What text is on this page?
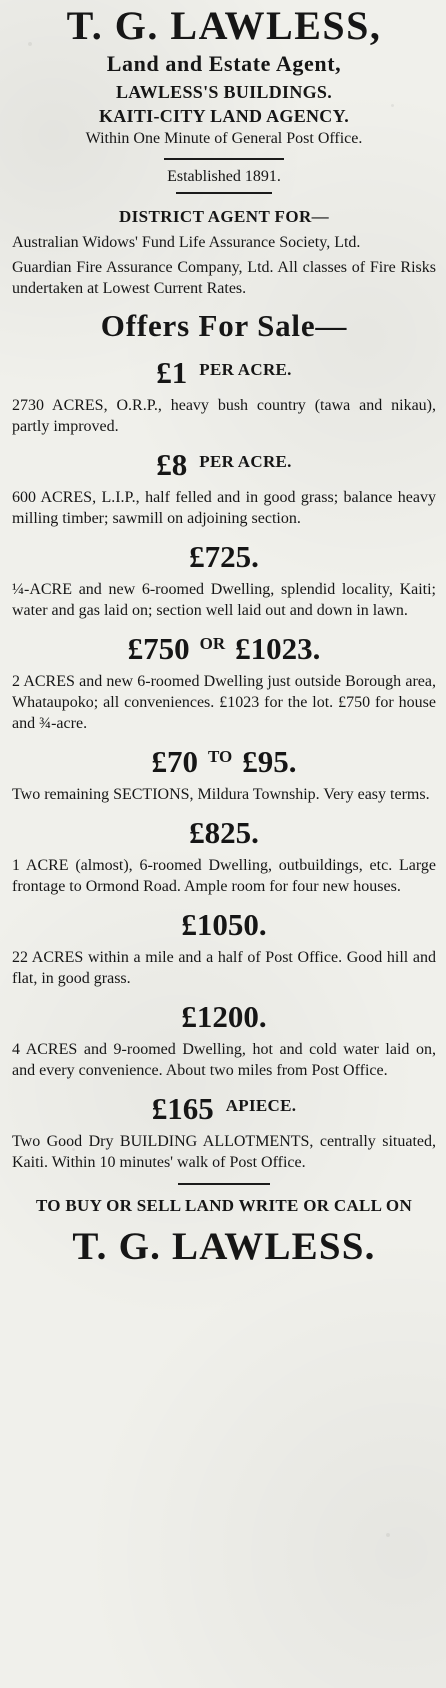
T. G. LAWLESS,
Land and Estate Agent,
LAWLESS'S BUILDINGS.
KAITI-CITY LAND AGENCY.
Within One Minute of General Post Office.
Established 1891.
DISTRICT AGENT FOR—
Australian Widows' Fund Life Assurance Society, Ltd.
Guardian Fire Assurance Company, Ltd. All classes of Fire Risks undertaken at Lowest Current Rates.
Offers For Sale—
£1 PER ACRE.
2730 ACRES, O.R.P., heavy bush country (tawa and nikau), partly improved.
£8 PER ACRE.
600 ACRES, L.I.P., half felled and in good grass; balance heavy milling timber; sawmill on adjoining section.
£725.
¼-ACRE and new 6-roomed Dwelling, splendid locality, Kaiti; water and gas laid on; section well laid out and down in lawn.
£750 OR £1023.
2 ACRES and new 6-roomed Dwelling just outside Borough area, Whataupoko; all conveniences. £1023 for the lot. £750 for house and ¾-acre.
£70 TO £95.
Two remaining SECTIONS, Mildura Township. Very easy terms.
£825.
1 ACRE (almost), 6-roomed Dwelling, outbuildings, etc. Large frontage to Ormond Road. Ample room for four new houses.
£1050.
22 ACRES within a mile and a half of Post Office. Good hill and flat, in good grass.
£1200.
4 ACRES and 9-roomed Dwelling, hot and cold water laid on, and every convenience. About two miles from Post Office.
£165 APIECE.
Two Good Dry BUILDING ALLOTMENTS, centrally situated, Kaiti. Within 10 minutes' walk of Post Office.
TO BUY OR SELL LAND WRITE OR CALL ON
T. G. LAWLESS.
